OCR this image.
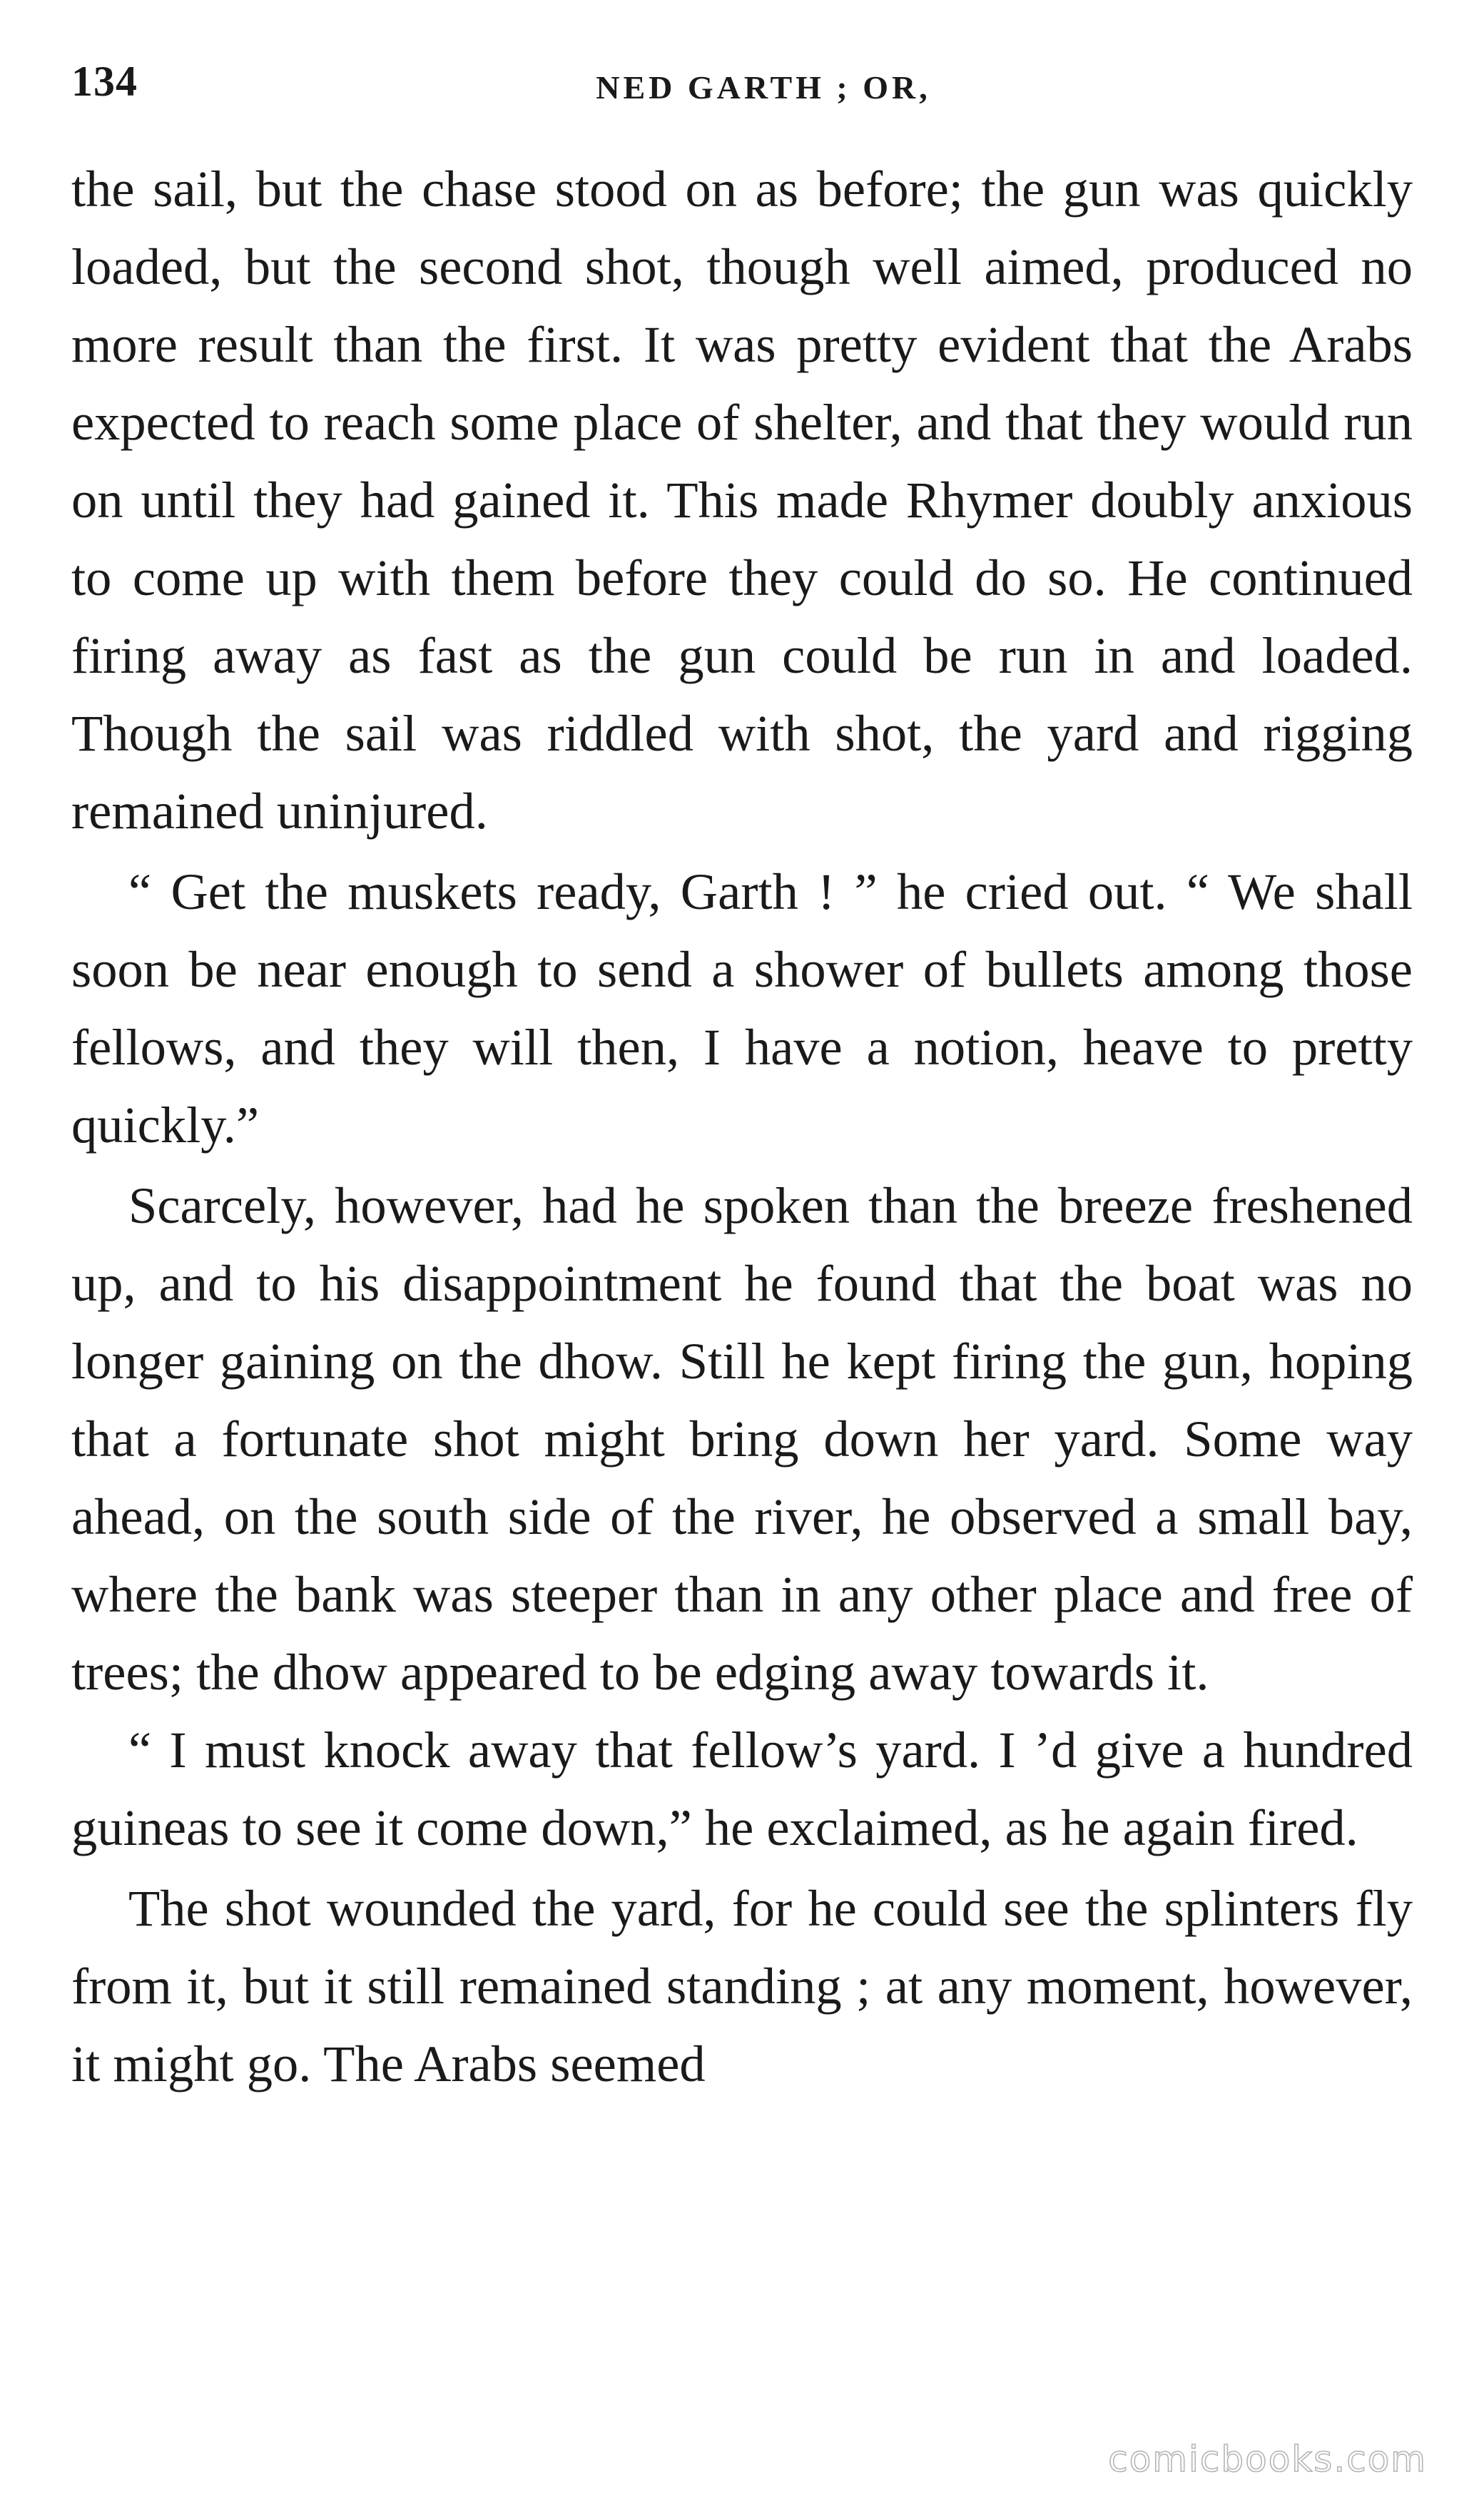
134	NED GARTH ; OR,

the sail, but the chase stood on as before; the gun was quickly loaded, but the second shot, though well aimed, produced no more result than the first. It was pretty evident that the Arabs expected to reach some place of shelter, and that they would run on until they had gained it. This made Rhymer doubly anxious to come up with them before they could do so. He continued firing away as fast as the gun could be run in and loaded. Though the sail was riddled with shot, the yard and rigging remained uninjured.

“ Get the muskets ready, Garth ! ” he cried out. “ We shall soon be near enough to send a shower of bullets among those fellows, and they will then, I have a notion, heave to pretty quickly.”

Scarcely, however, had he spoken than the breeze freshened up, and to his disappointment he found that the boat was no longer gaining on the dhow. Still he kept firing the gun, hoping that a fortunate shot might bring down her yard. Some way ahead, on the south side of the river, he observed a small bay, where the bank was steeper than in any other place and free of trees; the dhow appeared to be edging away towards it.

“ I must knock away that fellow’s yard. I ’d give a hundred guineas to see it come down,” he exclaimed, as he again fired.

The shot wounded the yard, for he could see the splinters fly from it, but it still remained standing ; at any moment, however, it might go. The Arabs seemed

comicbooks.com
